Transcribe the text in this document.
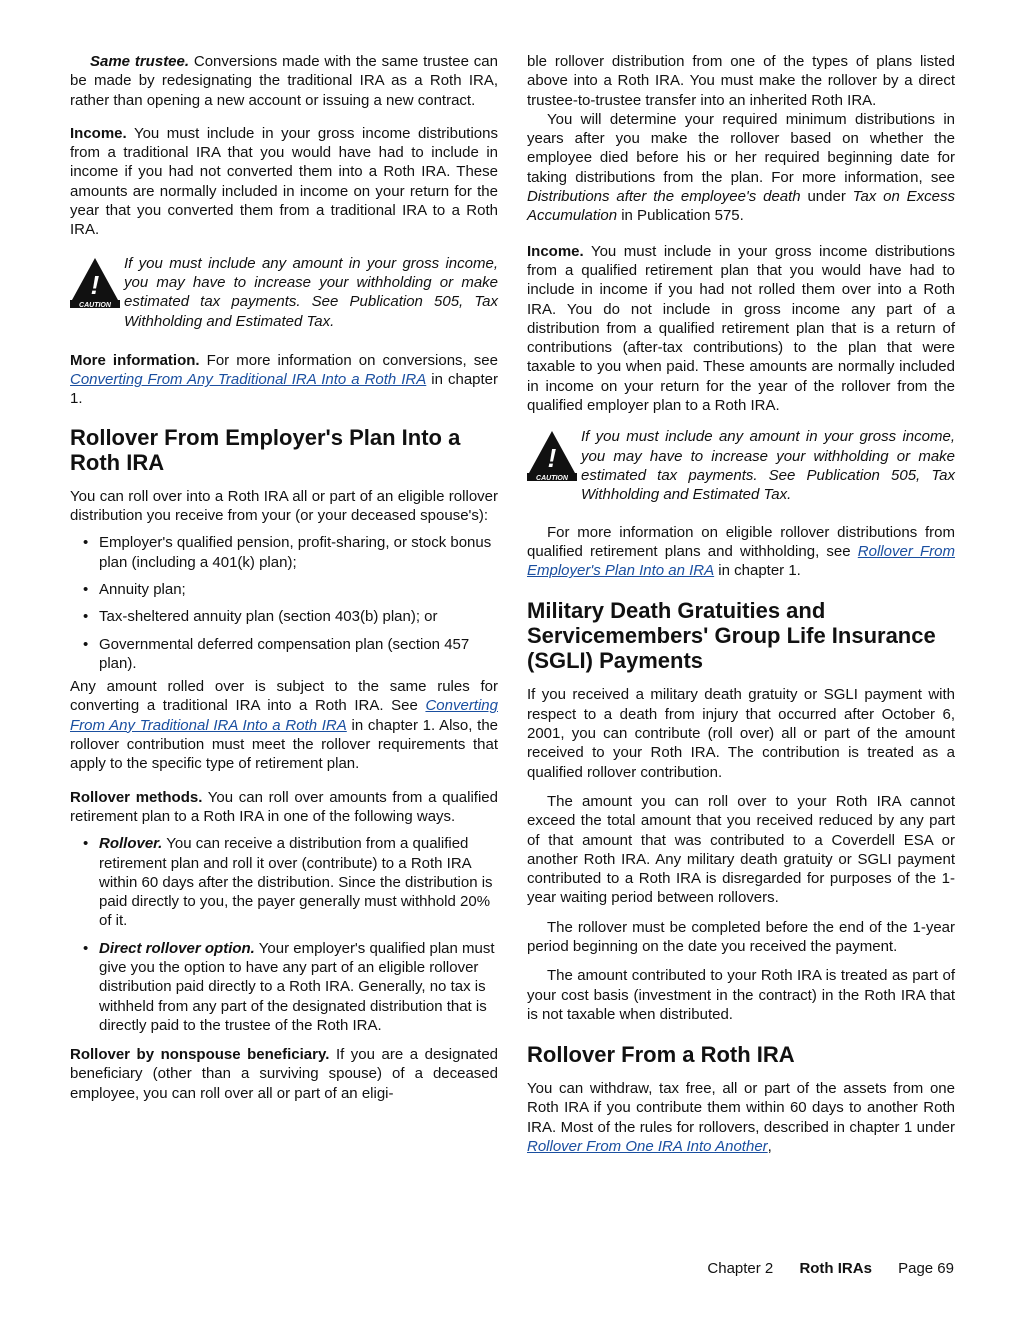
Same trustee. Conversions made with the same trustee can be made by redesignating the traditional IRA as a Roth IRA, rather than opening a new account or issuing a new contract.

Income. You must include in your gross income distributions from a traditional IRA that you would have had to include in income if you had not converted them into a Roth IRA. These amounts are normally included in income on your return for the year that you converted them from a traditional IRA to a Roth IRA.

!
CAUTION
If you must include any amount in your gross income, you may have to increase your withholding or make estimated tax payments. See Publication 505, Tax Withholding and Estimated Tax.

More information. For more information on conversions, see Converting From Any Traditional IRA Into a Roth IRA in chapter 1.

Rollover From Employer's Plan Into a Roth IRA

You can roll over into a Roth IRA all or part of an eligible rollover distribution you receive from your (or your deceased spouse's):

• Employer's qualified pension, profit-sharing, or stock bonus plan (including a 401(k) plan);
• Annuity plan;
• Tax-sheltered annuity plan (section 403(b) plan); or
• Governmental deferred compensation plan (section 457 plan).

Any amount rolled over is subject to the same rules for converting a traditional IRA into a Roth IRA. See Converting From Any Traditional IRA Into a Roth IRA in chapter 1. Also, the rollover contribution must meet the rollover requirements that apply to the specific type of retirement plan.

Rollover methods. You can roll over amounts from a qualified retirement plan to a Roth IRA in one of the following ways.

• Rollover. You can receive a distribution from a qualified retirement plan and roll it over (contribute) to a Roth IRA within 60 days after the distribution. Since the distribution is paid directly to you, the payer generally must withhold 20% of it.
• Direct rollover option. Your employer's qualified plan must give you the option to have any part of an eligible rollover distribution paid directly to a Roth IRA. Generally, no tax is withheld from any part of the designated distribution that is directly paid to the trustee of the Roth IRA.

Rollover by nonspouse beneficiary. If you are a designated beneficiary (other than a surviving spouse) of a deceased employee, you can roll over all or part of an eligi-

ble rollover distribution from one of the types of plans listed above into a Roth IRA. You must make the rollover by a direct trustee-to-trustee transfer into an inherited Roth IRA.

You will determine your required minimum distributions in years after you make the rollover based on whether the employee died before his or her required beginning date for taking distributions from the plan. For more information, see Distributions after the employee's death under Tax on Excess Accumulation in Publication 575.

Income. You must include in your gross income distributions from a qualified retirement plan that you would have had to include in income if you had not rolled them over into a Roth IRA. You do not include in gross income any part of a distribution from a qualified retirement plan that is a return of contributions (after-tax contributions) to the plan that were taxable to you when paid. These amounts are normally included in income on your return for the year of the rollover from the qualified employer plan to a Roth IRA.

!
CAUTION
If you must include any amount in your gross income, you may have to increase your withholding or make estimated tax payments. See Publication 505, Tax Withholding and Estimated Tax.

For more information on eligible rollover distributions from qualified retirement plans and withholding, see Rollover From Employer's Plan Into an IRA in chapter 1.

Military Death Gratuities and Servicemembers' Group Life Insurance (SGLI) Payments

If you received a military death gratuity or SGLI payment with respect to a death from injury that occurred after October 6, 2001, you can contribute (roll over) all or part of the amount received to your Roth IRA. The contribution is treated as a qualified rollover contribution.

The amount you can roll over to your Roth IRA cannot exceed the total amount that you received reduced by any part of that amount that was contributed to a Coverdell ESA or another Roth IRA. Any military death gratuity or SGLI payment contributed to a Roth IRA is disregarded for purposes of the 1-year waiting period between rollovers.

The rollover must be completed before the end of the 1-year period beginning on the date you received the payment.

The amount contributed to your Roth IRA is treated as part of your cost basis (investment in the contract) in the Roth IRA that is not taxable when distributed.

Rollover From a Roth IRA

You can withdraw, tax free, all or part of the assets from one Roth IRA if you contribute them within 60 days to another Roth IRA. Most of the rules for rollovers, described in chapter 1 under Rollover From One IRA Into Another,

Chapter 2 Roth IRAs Page 69
